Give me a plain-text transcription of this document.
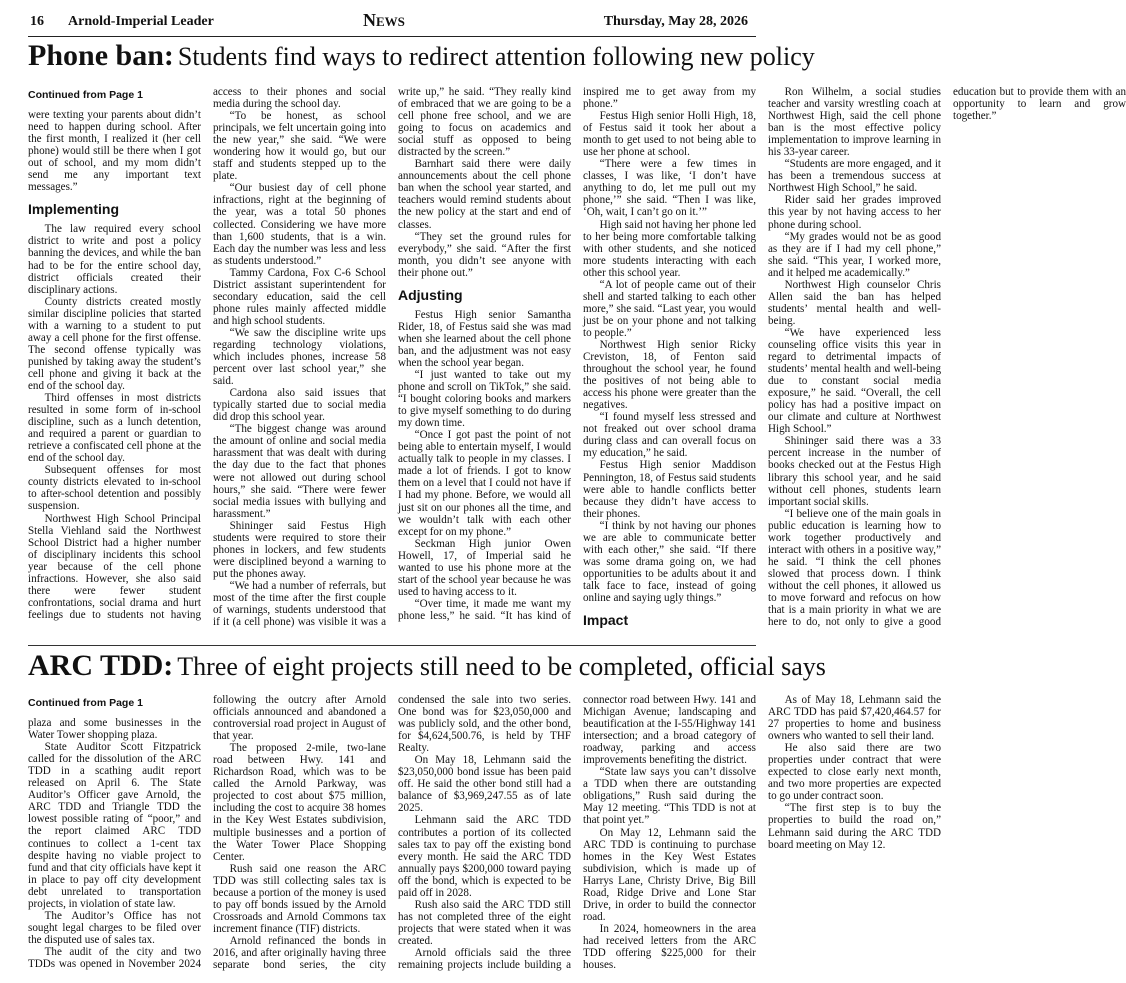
16 Arnold-Imperial Leader	News	Thursday, May 28, 2026
Phone ban: Students find ways to redirect attention following new policy
Continued from Page 1

were texting your parents about didn’t need to happen during school. After the first month, I realized it (her cell phone) would still be there when I got out of school, and my mom didn’t send me any important text messages.”

Implementing

The law required every school district to write and post a policy banning the devices, and while the ban had to be for the entire school day, district officials created their disciplinary actions.

County districts created mostly similar discipline policies that started with a warning to a student to put away a cell phone for the first offense. The second offense typically was punished by taking away the student’s cell phone and giving it back at the end of the school day.

Third offenses in most districts resulted in some form of in-school discipline, such as a lunch detention, and required a parent or guardian to retrieve a confiscated cell phone at the end of the school day.

Subsequent offenses for most county districts elevated to in-school to after-school detention and possibly suspension.

Northwest High School Principal Stella Viehland said the Northwest School District had a higher number of disciplinary incidents this school year because of the cell phone infractions. However, she also said there were fewer student confrontations, social drama and hurt feelings due to students not having access to their phones and social media during the school day.

“To be honest, as school principals, we felt uncertain going into the new year,” she said. “We were wondering how it would go, but our staff and students stepped up to the plate.

“Our busiest day of cell phone infractions, right at the beginning of the year, was a total 50 phones collected. Considering we have more than 1,600 students, that is a win. Each day the number was less and less as students understood.”

Tammy Cardona, Fox C-6 School District assistant superintendent for secondary education, said the cell phone rules mainly affected middle and high school students.

“We saw the discipline write ups regarding technology violations, which includes phones, increase 58 percent over last school year,” she said.

Cardona also said issues that typically started due to social media did drop this school year.

“The biggest change was around the amount of online and social media harassment that was dealt with during the day due to the fact that phones were not allowed out during school hours,” she said. “There were fewer social media issues with bullying and harassment.”

Shininger said Festus High students were required to store their phones in lockers, and few students were disciplined beyond a warning to put the phones away.

“We had a number of referrals, but most of the time after the first couple of warnings, students understood that if it (a cell phone) was visible it was a write up,” he said. “They really kind of embraced that we are going to be a cell phone free school, and we are going to focus on academics and social stuff as opposed to being distracted by the screen.”

Barnhart said there were daily announcements about the cell phone ban when the school year started, and teachers would remind students about the new policy at the start and end of classes.

“They set the ground rules for everybody,” she said. “After the first month, you didn’t see anyone with their phone out.”

Adjusting

Festus High senior Samantha Rider, 18, of Festus said she was mad when she learned about the cell phone ban, and the adjustment was not easy when the school year began.

“I just wanted to take out my phone and scroll on TikTok,” she said. “I bought coloring books and markers to give myself something to do during my down time.

“Once I got past the point of not being able to entertain myself, I would actually talk to people in my classes. I made a lot of friends. I got to know them on a level that I could not have if I had my phone. Before, we would all just sit on our phones all the time, and we wouldn’t talk with each other except for on my phone.”

Seckman High junior Owen Howell, 17, of Imperial said he wanted to use his phone more at the start of the school year because he was used to having access to it.

“Over time, it made me want my phone less,” he said. “It has kind of inspired me to get away from my phone.”

Festus High senior Holli High, 18, of Festus said it took her about a month to get used to not being able to use her phone at school.

“There were a few times in classes, I was like, ‘I don’t have anything to do, let me pull out my phone,’” she said. “Then I was like, ‘Oh, wait, I can’t go on it.’”

High said not having her phone led to her being more comfortable talking with other students, and she noticed more students interacting with each other this school year.

“A lot of people came out of their shell and started talking to each other more,” she said. “Last year, you would just be on your phone and not talking to people.”

Northwest High senior Ricky Creviston, 18, of Fenton said throughout the school year, he found the positives of not being able to access his phone were greater than the negatives.

“I found myself less stressed and not freaked out over school drama during class and can overall focus on my education,” he said.

Festus High senior Maddison Pennington, 18, of Festus said students were able to handle conflicts better because they didn’t have access to their phones.

“I think by not having our phones we are able to communicate better with each other,” she said. “If there was some drama going on, we had opportunities to be adults about it and talk face to face, instead of going online and saying ugly things.”

Impact

Ron Wilhelm, a social studies teacher and varsity wrestling coach at Northwest High, said the cell phone ban is the most effective policy implementation to improve learning in his 33-year career.

“Students are more engaged, and it has been a tremendous success at Northwest High School,” he said.

Rider said her grades improved this year by not having access to her phone during school.

“My grades would not be as good as they are if I had my cell phone,” she said. “This year, I worked more, and it helped me academically.”

Northwest High counselor Chris Allen said the ban has helped students’ mental health and well-being.

“We have experienced less counseling office visits this year in regard to detrimental impacts of students’ mental health and well-being due to constant social media exposure,” he said. “Overall, the cell policy has had a positive impact on our climate and culture at Northwest High School.”

Shininger said there was a 33 percent increase in the number of books checked out at the Festus High library this school year, and he said without cell phones, students learn important social skills.

“I believe one of the main goals in public education is learning how to work together productively and interact with others in a positive way,” he said. “I think the cell phones slowed that process down. I think without the cell phones, it allowed us to move forward and refocus on how that is a main priority in what we are here to do, not only to give a good education but to provide them with an opportunity to learn and grow together.”

ARC TDD: Three of eight projects still need to be completed, official says
Continued from Page 1

plaza and some businesses in the Water Tower shopping plaza.

State Auditor Scott Fitzpatrick called for the dissolution of the ARC TDD in a scathing audit report released on April 6. The State Auditor’s Officer gave Arnold, the ARC TDD and Triangle TDD the lowest possible rating of “poor,” and the report claimed ARC TDD continues to collect a 1-cent tax despite having no viable project to fund and that city officials have kept it in place to pay off city development debt unrelated to transportation projects, in violation of state law.

The Auditor’s Office has not sought legal charges to be filed over the disputed use of sales tax.

The audit of the city and two TDDs was opened in November 2024 following the outcry after Arnold officials announced and abandoned a controversial road project in August of that year.

The proposed 2-mile, two-lane road between Hwy. 141 and Richardson Road, which was to be called the Arnold Parkway, was projected to cost about $75 million, including the cost to acquire 38 homes in the Key West Estates subdivision, multiple businesses and a portion of the Water Tower Place Shopping Center.

Rush said one reason the ARC TDD was still collecting sales tax is because a portion of the money is used to pay off bonds issued by the Arnold Crossroads and Arnold Commons tax increment finance (TIF) districts.

Arnold refinanced the bonds in 2016, and after originally having three separate bond series, the city condensed the sale into two series. One bond was for $23,050,000 and was publicly sold, and the other bond, for $4,624,500.76, is held by THF Realty.

On May 18, Lehmann said the $23,050,000 bond issue has been paid off. He said the other bond still had a balance of $3,969,247.55 as of late 2025.

Lehmann said the ARC TDD contributes a portion of its collected sales tax to pay off the existing bond every month. He said the ARC TDD annually pays $200,000 toward paying off the bond, which is expected to be paid off in 2028.

Rush also said the ARC TDD still has not completed three of the eight projects that were stated when it was created.

Arnold officials said the three remaining projects include building a connector road between Hwy. 141 and Michigan Avenue; landscaping and beautification at the I-55/Highway 141 intersection; and a broad category of roadway, parking and access improvements benefiting the district.

“State law says you can’t dissolve a TDD when there are outstanding obligations,” Rush said during the May 12 meeting. “This TDD is not at that point yet.”

On May 12, Lehmann said the ARC TDD is continuing to purchase homes in the Key West Estates subdivision, which is made up of Harrys Lane, Christy Drive, Big Bill Road, Ridge Drive and Lone Star Drive, in order to build the connector road.

In 2024, homeowners in the area had received letters from the ARC TDD offering $225,000 for their houses.

As of May 18, Lehmann said the ARC TDD has paid $7,420,464.57 for 27 properties to home and business owners who wanted to sell their land.

He also said there are two properties under contract that were expected to close early next month, and two more properties are expected to go under contract soon.

“The first step is to buy the properties to build the road on,” Lehmann said during the ARC TDD board meeting on May 12.
